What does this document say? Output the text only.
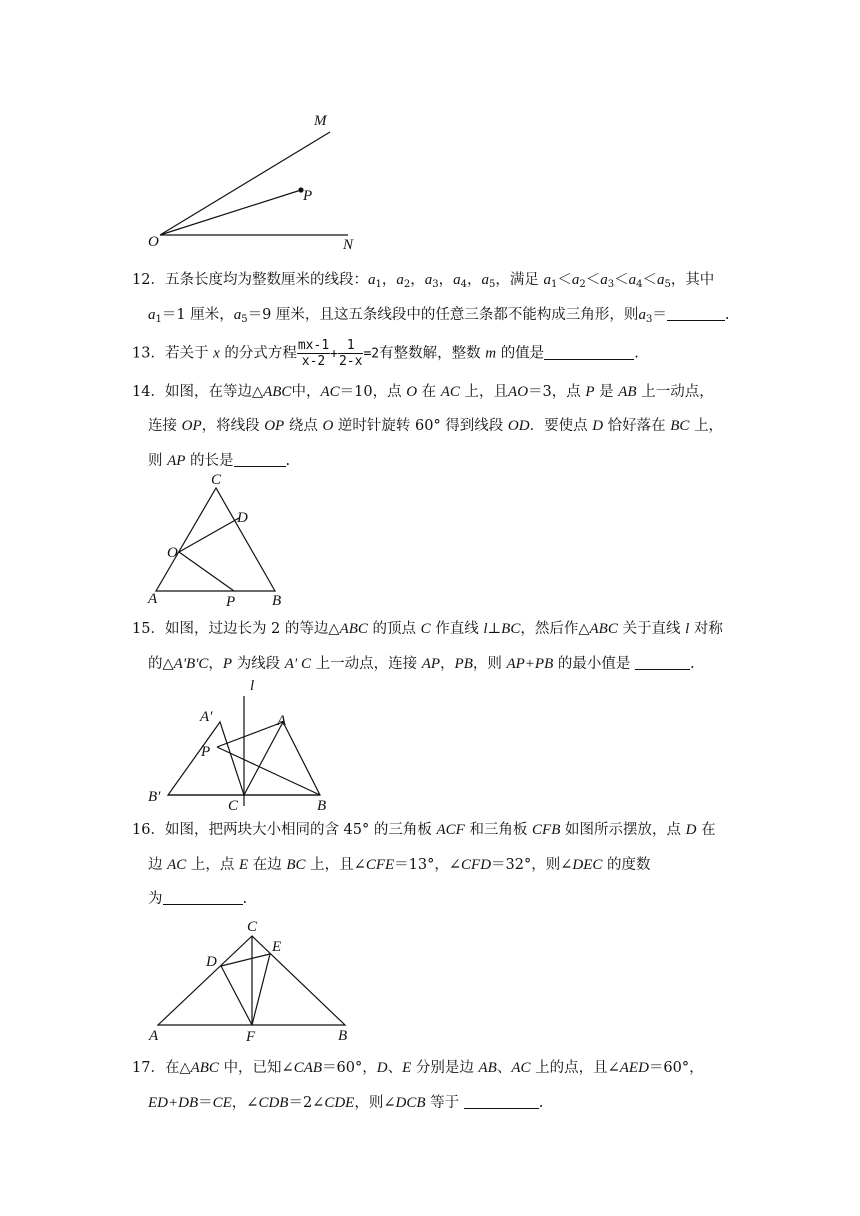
M
P
O	N
12．五条长度均为整数厘米的线段：$a_1$，$a_2$，$a_3$，$a_4$，$a_5$，满足 $a_1<a_2<a_3<a_4<a_5$，其中
$a_1=1$ 厘米，$a_5=9$ 厘米，且这五条线段中的任意三条都不能构成三角形，则$a_3=$	.
13．若关于 x 的分式方程 $\frac{mx-1}{x-2} + \frac{1}{2-x} =2$有整数解，整数 m 的值是	.
14．如图，在等边△ABC中，AC＝10，点 O 在 AC 上，且AO＝3，点 P 是 AB 上一动点，
连接 OP，将线段 OP 绕点 O 逆时针旋转 60° 得到线段 OD．要使点 D 恰好落在 BC 上，
则 AP 的长是	.
C
D
O
A	P B
15．如图，过边长为 2 的等边△ABC 的顶点 C 作直线 l⊥BC，然后作△ABC 关于直线 l 对称
的△A'B'C，P 为线段 A′ C 上一动点，连接 AP，PB，则 AP+PB 的最小值是	.
l
A′	A
P
B′
C	B
16．如图，把两块大小相同的含 45° 的三角板 ACF 和三角板 CFB 如图所示摆放，点 D 在
边 AC 上，点 E 在边 BC 上，且∠CFE＝13°，∠CFD＝32°，则∠DEC 的度数
为	.
C
D
E
A	F	B
17．在△ABC 中，已知∠CAB＝60°，D、E 分别是边 AB、AC 上的点，且∠AED＝60°，
ED+DB＝CE，∠CDB＝2∠CDE，则∠DCB 等于	.
